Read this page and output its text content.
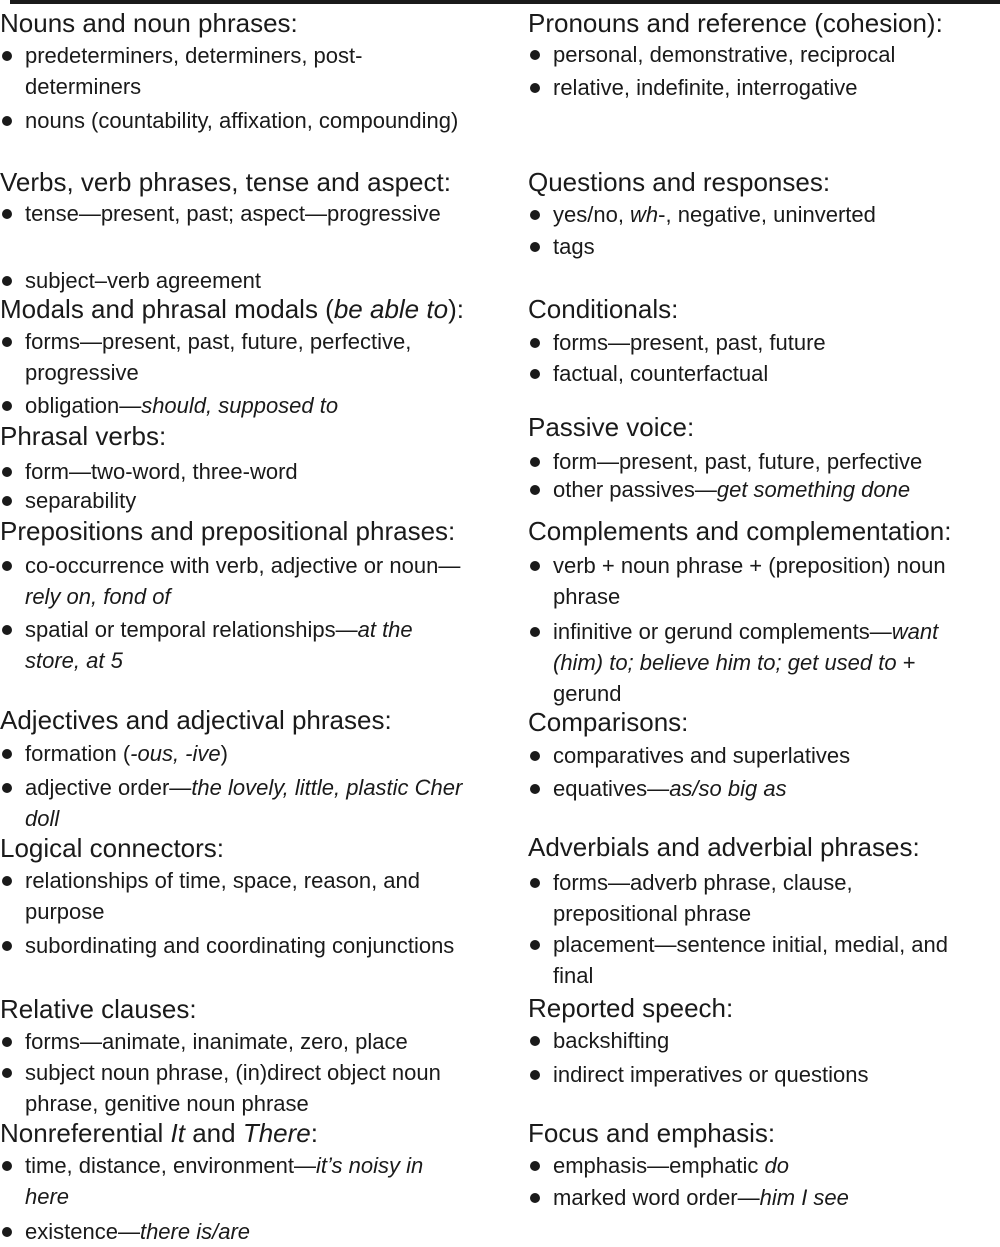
Nouns and noun phrases:
predeterminers, determiners, post-determiners
nouns (countability, affixation, compounding)
Verbs, verb phrases, tense and aspect:
tense—present, past; aspect—progressive
subject–verb agreement
Modals and phrasal modals (be able to):
forms—present, past, future, perfective, progressive
obligation—should, supposed to
Phrasal verbs:
form—two-word, three-word
separability
Prepositions and prepositional phrases:
co-occurrence with verb, adjective or noun—rely on, fond of
spatial or temporal relationships—at the store, at 5
Adjectives and adjectival phrases:
formation (-ous, -ive)
adjective order—the lovely, little, plastic Cher doll
Logical connectors:
relationships of time, space, reason, and purpose
subordinating and coordinating conjunctions
Relative clauses:
forms—animate, inanimate, zero, place
subject noun phrase, (in)direct object noun phrase, genitive noun phrase
Nonreferential It and There:
time, distance, environment—it’s noisy in here
existence—there is/are
Pronouns and reference (cohesion):
personal, demonstrative, reciprocal
relative, indefinite, interrogative
Questions and responses:
yes/no, wh-, negative, uninverted
tags
Conditionals:
forms—present, past, future
factual, counterfactual
Passive voice:
form—present, past, future, perfective
other passives—get something done
Complements and complementation:
verb + noun phrase + (preposition) noun phrase
infinitive or gerund complements—want (him) to; believe him to; get used to + gerund
Comparisons:
comparatives and superlatives
equatives—as/so big as
Adverbials and adverbial phrases:
forms—adverb phrase, clause, prepositional phrase
placement—sentence initial, medial, and final
Reported speech:
backshifting
indirect imperatives or questions
Focus and emphasis:
emphasis—emphatic do
marked word order—him I see
